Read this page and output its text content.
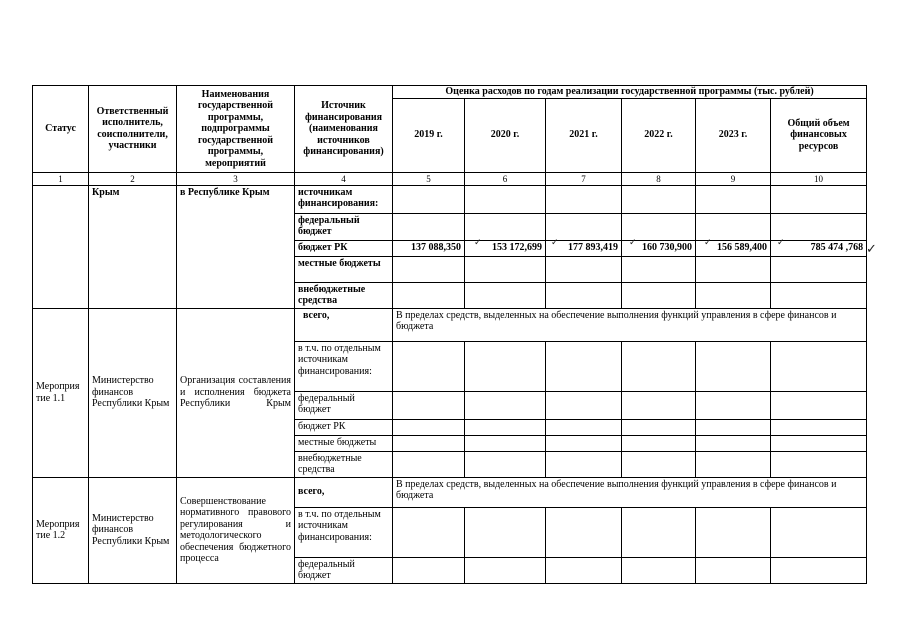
Статус	Ответственный исполнитель, соисполнители, участники	Наименования государственной программы, подпрограммы государственной программы, мероприятий	Источник финансирования (наименования источников финансирования)	Оценка расходов по годам реализации государственной программы (тыс. рублей)					
				2019 г.	2020 г.	2021 г.	2022 г.	2023 г.	Общий объем финансовых ресурсов
1	2	3	4	5	6	7	8	9	10
	Крым	в Республике Крым	источникам финансирования:						
			федеральный бюджет						
			бюджет РК	137 088,350	153 172,699	177 893,419	160 730,900	156 589,400	785 474 ,768
			местные бюджеты						
			внебюджетные средства						
Мероприя тие 1.1	Министерство финансов Республики Крым	Организация составления и исполнения бюджета Республики Крым	всего,	В пределах средств, выделенных на обеспечение выполнения функций управления в сфере финансов и бюджета					
			в т.ч. по отдельным источникам финансирования:						
			федеральный бюджет						
			бюджет РК						
			местные бюджеты						
			внебюджетные средства						
Мероприя тие 1.2	Министерство финансов Республики Крым	Совершенствование нормативного правового регулирования и методологического обеспечения бюджетного процесса	всего,	В пределах средств, выделенных на обеспечение выполнения функций управления в сфере финансов и бюджета					
			в т.ч. по отдельным источникам финансирования:						
			федеральный бюджет						
✓	✓	✓	✓	✓	✓
